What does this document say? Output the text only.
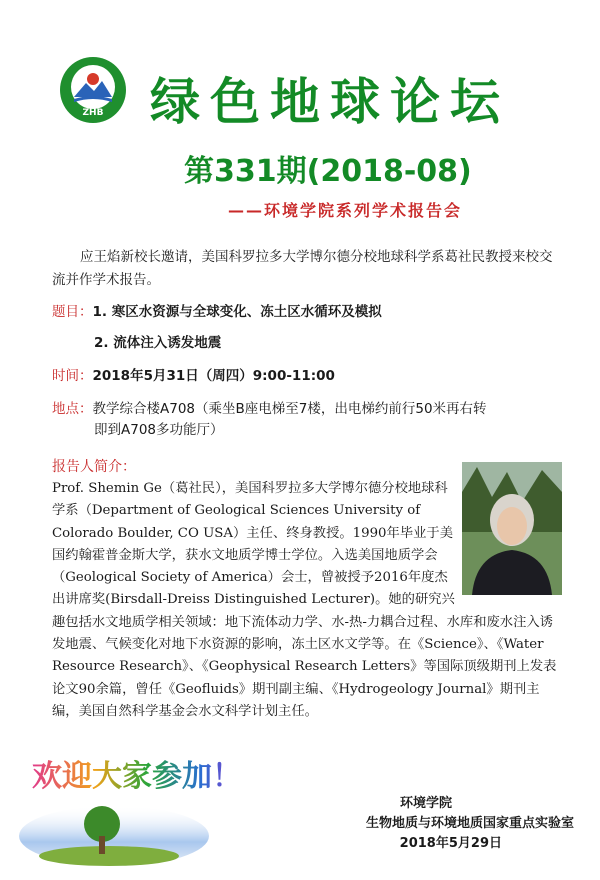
ZHB 绿色地球论坛
第331期(2018-08)
——环境学院系列学术报告会
应王焰新校长邀请，美国科罗拉多大学博尔德分校地球科学系葛社民教授来校交流并作学术报告。
题目：1. 寒区水资源与全球变化、冻土区水循环及模拟
2. 流体注入诱发地震
时间：2018年5月31日（周四）9:00-11:00
地点：教学综合楼A708（乘坐B座电梯至7楼，出电梯约前行50米再右转
即到A708多功能厅）
报告人简介：

Prof. Shemin Ge（葛社民），美国科罗拉多大学博尔德分校地球科学系（Department of Geological Sciences University of Colorado Boulder, CO USA）主任、终身教授。1990年毕业于美国约翰霍普金斯大学，获水文地质学博士学位。入选美国地质学会（Geological Society of America）会士，曾被授予2016年度杰出讲席奖(Birsdall-Dreiss Distinguished Lecturer)。她的研究兴趣包括水文地质学相关领域：地下流体动力学、水-热-力耦合过程、水库和废水注入诱发地震、气候变化对地下水资源的影响，冻土区水文学等。在《Science》、《Water Resource Research》、《Geophysical Research Letters》等国际顶级期刊上发表论文90余篇，曾任《Geofluids》期刊副主编、《Hydrogeology Journal》期刊主编，美国自然科学基金会水文科学计划主任。

欢迎大家参加！
环境学院
生物地质与环境地质国家重点实验室
2018年5月29日
